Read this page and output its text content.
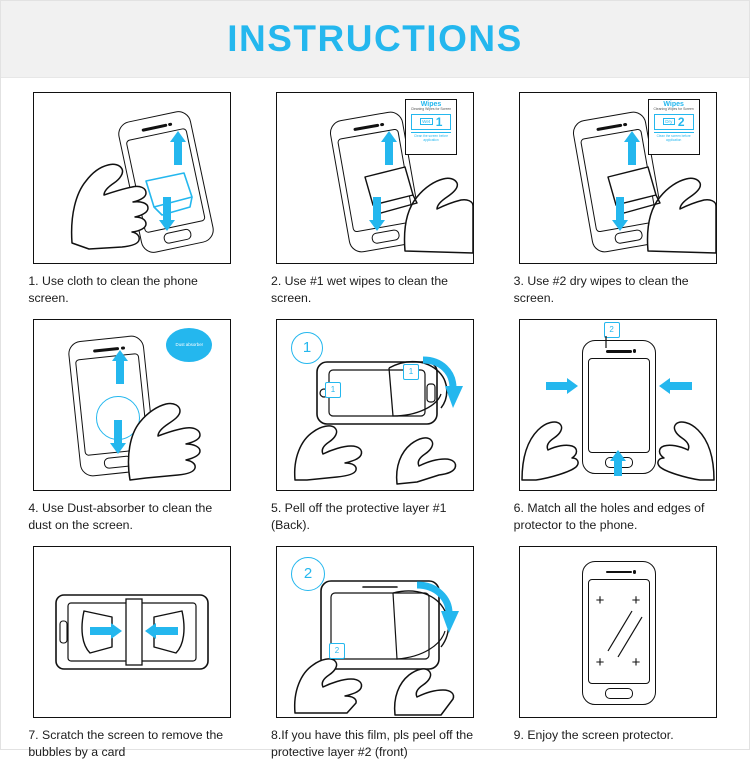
INSTRUCTIONS
1. Use cloth to clean the phone screen.
Wipes
Cleaning Wipes for Screen
Wet 1
Clean the screen before application
2. Use #1 wet wipes to clean the screen.
Wipes
Cleaning Wipes for Screen
Dry 2
Clean the screen before application
3. Use #2 dry wipes to clean the screen.
Dust absorber
4. Use Dust-absorber to clean the dust on the screen.
1
1
1
5. Pell off the protective layer #1 (Back).
2
6. Match all the holes and edges of protector to the phone.
7. Scratch the screen to remove the bubbles by a card
2
2
8.If you have this film, pls peel off the protective layer #2 (front)
+ +
+ +
9. Enjoy the screen protector.
